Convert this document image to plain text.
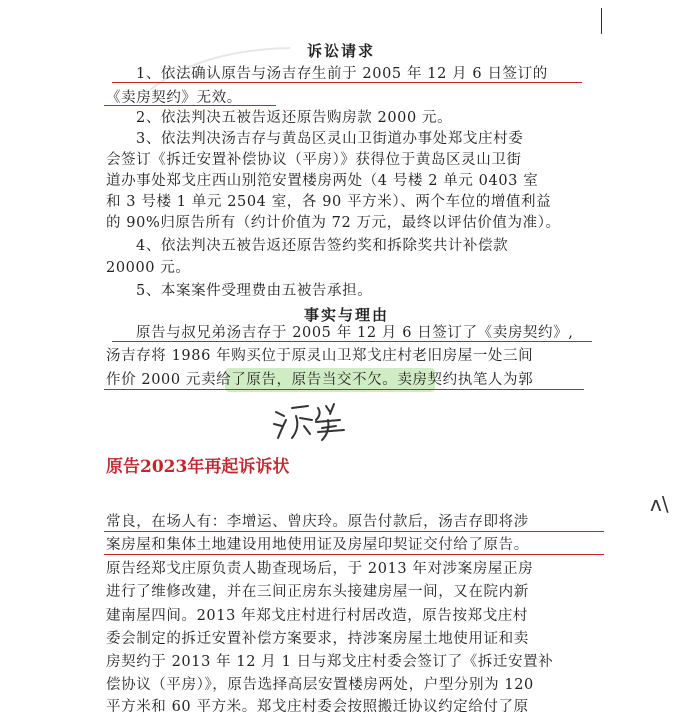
诉讼请求
1、依法确认原告与汤吉存生前于 2005 年 12 月 6 日签订的
《卖房契约》无效。
2、依法判决五被告返还原告购房款 2000 元。
3、依法判决汤吉存与黄岛区灵山卫街道办事处郑戈庄村委
会签订《拆迁安置补偿协议（平房）》获得位于黄岛区灵山卫街
道办事处郑戈庄西山别笵安置楼房两处（4 号楼 2 单元 0403 室
和 3 号楼 1 单元 2504 室，各 90 平方米）、两个车位的增值利益
的 90%归原告所有（约计价值为 72 万元，最终以评估价值为准）。
4、依法判决五被告返还原告签约奖和拆除奖共计补偿款
20000 元。
5、本案案件受理费由五被告承担。
事实与理由
原告与叔兄弟汤吉存于 2005 年 12 月 6 日签订了《卖房契约》,
汤吉存将 1986 年购买位于原灵山卫郑戈庄村老旧房屋一处三间
作价 2000 元卖给了原告，原告当交不欠。卖房契约执笔人为郭
原告2023年再起诉诉状
ᴧ\
常良，在场人有：李增运、曾庆玲。原告付款后，汤吉存即将涉
案房屋和集体土地建设用地使用证及房屋印契证交付给了原告。
原告经郑戈庄原负责人勘查现场后，于 2013 年对涉案房屋正房
进行了维修改建，并在三间正房东头接建房屋一间，又在院内新
建南屋四间。2013 年郑戈庄村进行村居改造，原告按郑戈庄村
委会制定的拆迁安置补偿方案要求，持涉案房屋土地使用证和卖
房契约于 2013 年 12 月 1 日与郑戈庄村委会签订了《拆迁安置补
偿协议（平房）》，原告选择高层安置楼房两处，户型分别为 120
平方米和 60 平方米。郑戈庄村委会按照搬迁协议约定给付了原
